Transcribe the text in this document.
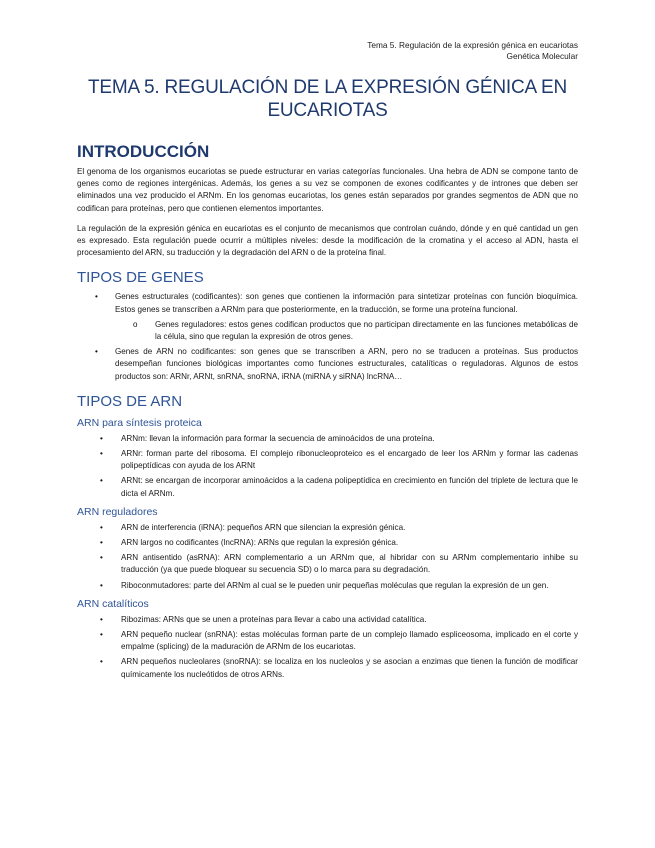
Tema 5. Regulación de la expresión génica en eucariotas
Genética Molecular
TEMA 5. REGULACIÓN DE LA EXPRESIÓN GÉNICA EN EUCARIOTAS
INTRODUCCIÓN

El genoma de los organismos eucariotas se puede estructurar en varias categorías funcionales. Una hebra de ADN se compone tanto de genes como de regiones intergénicas. Además, los genes a su vez se componen de exones codificantes y de intrones que deben ser eliminados una vez producido el ARNm. En los genomas eucariotas, los genes están separados por grandes segmentos de ADN que no codifican para proteínas, pero que contienen elementos importantes.

La regulación de la expresión génica en eucariotas es el conjunto de mecanismos que controlan cuándo, dónde y en qué cantidad un gen es expresado. Esta regulación puede ocurrir a múltiples niveles: desde la modificación de la cromatina y el acceso al ADN, hasta el procesamiento del ARN, su traducción y la degradación del ARN o de la proteína final.

TIPOS DE GENES
• Genes estructurales (codificantes): son genes que contienen la información para sintetizar proteínas con función bioquímica. Estos genes se transcriben a ARNm para que posteriormente, en la traducción, se forme una proteína funcional.
o Genes reguladores: estos genes codifican productos que no participan directamente en las funciones metabólicas de la célula, sino que regulan la expresión de otros genes.
• Genes de ARN no codificantes: son genes que se transcriben a ARN, pero no se traducen a proteínas. Sus productos desempeñan funciones biológicas importantes como funciones estructurales, catalíticas o reguladoras. Algunos de estos productos son: ARNr, ARNt, snRNA, snoRNA, iRNA (miRNA y siRNA) lncRNA…
TIPOS DE ARN
ARN para síntesis proteica
• ARNm: llevan la información para formar la secuencia de aminoácidos de una proteína.
• ARNr: forman parte del ribosoma. El complejo ribonucleoproteico es el encargado de leer los ARNm y formar las cadenas polipeptídicas con ayuda de los ARNt
• ARNt: se encargan de incorporar aminoácidos a la cadena polipeptídica en crecimiento en función del triplete de lectura que le dicta el ARNm.
ARN reguladores
• ARN de interferencia (iRNA): pequeños ARN que silencian la expresión génica.
• ARN largos no codificantes (lncRNA): ARNs que regulan la expresión génica.
• ARN antisentido (asRNA): ARN complementario a un ARNm que, al hibridar con su ARNm complementario inhibe su traducción (ya que puede bloquear su secuencia SD) o lo marca para su degradación.
• Riboconmutadores: parte del ARNm al cual se le pueden unir pequeñas moléculas que regulan la expresión de un gen.
ARN catalíticos
• Ribozimas: ARNs que se unen a proteínas para llevar a cabo una actividad catalítica.
• ARN pequeño nuclear (snRNA): estas moléculas forman parte de un complejo llamado espliceosoma, implicado en el corte y empalme (splicing) de la maduración de ARNm de los eucariotas.
• ARN pequeños nucleolares (snoRNA): se localiza en los nucleolos y se asocian a enzimas que tienen la función de modificar químicamente los nucleótidos de otros ARNs.
